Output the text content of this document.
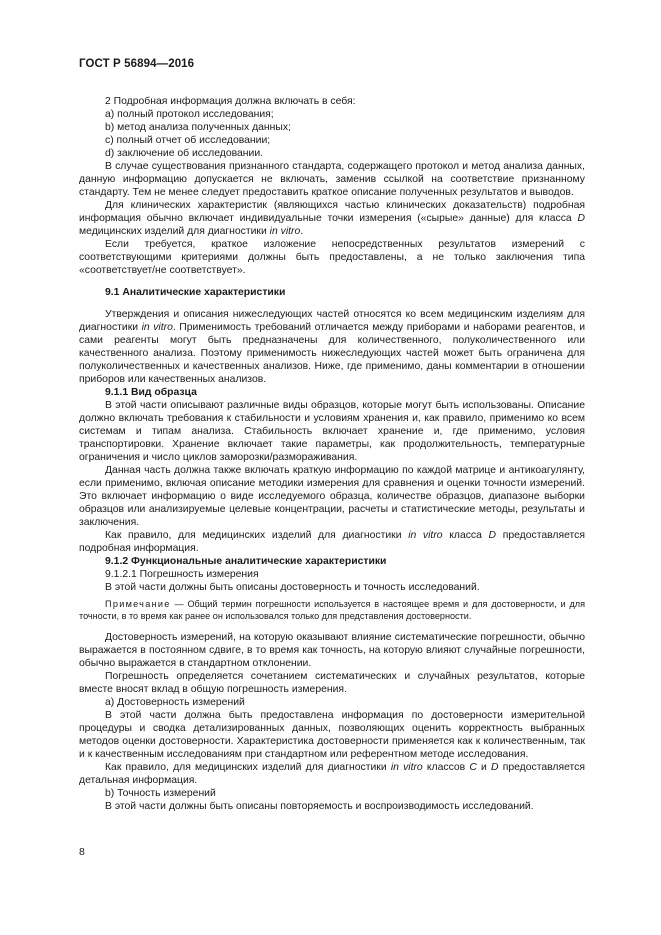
ГОСТ Р 56894—2016

2 Подробная информация должна включать в себя:

a) полный протокол исследования;

b) метод анализа полученных данных;

c) полный отчет об исследовании;

d) заключение об исследовании.

В случае существования признанного стандарта, содержащего протокол и метод анализа данных, данную информацию допускается не включать, заменив ссылкой на соответствие признанному стандарту. Тем не менее следует предоставить краткое описание полученных результатов и выводов.

Для клинических характеристик (являющихся частью клинических доказательств) подробная информация обычно включает индивидуальные точки измерения («сырые» данные) для класса D медицинских изделий для диагностики in vitro.

Если требуется, краткое изложение непосредственных результатов измерений с соответствующими критериями должны быть предоставлены, а не только заключения типа «соответствует/не соответствует».

9.1 Аналитические характеристики

Утверждения и описания нижеследующих частей относятся ко всем медицинским изделиям для диагностики in vitro. Применимость требований отличается между приборами и наборами реагентов, и сами реагенты могут быть предназначены для количественного, полуколичественного или качественного анализа. Поэтому применимость нижеследующих частей может быть ограничена для полуколичественных и качественных анализов. Ниже, где применимо, даны комментарии в отношении приборов или качественных анализов.

9.1.1 Вид образца

В этой части описывают различные виды образцов, которые могут быть использованы. Описание должно включать требования к стабильности и условиям хранения и, как правило, применимо ко всем системам и типам анализа. Стабильность включает хранение и, где применимо, условия транспортировки. Хранение включает такие параметры, как продолжительность, температурные ограничения и число циклов заморозки/размораживания.

Данная часть должна также включать краткую информацию по каждой матрице и антикоагулянту, если применимо, включая описание методики измерения для сравнения и оценки точности измерений. Это включает информацию о виде исследуемого образца, количестве образцов, диапазоне выборки образцов или анализируемые целевые концентрации, расчеты и статистические методы, результаты и заключения.

Как правило, для медицинских изделий для диагностики in vitro класса D предоставляется подробная информация.

9.1.2 Функциональные аналитические характеристики

9.1.2.1 Погрешность измерения

В этой части должны быть описаны достоверность и точность исследований.

Примечание — Общий термин погрешности используется в настоящее время и для достоверности, и для точности, в то время как ранее он использовался только для представления достоверности.

Достоверность измерений, на которую оказывают влияние систематические погрешности, обычно выражается в постоянном сдвиге, в то время как точность, на которую влияют случайные погрешности, обычно выражается в стандартном отклонении.

Погрешность определяется сочетанием систематических и случайных результатов, которые вместе вносят вклад в общую погрешность измерения.

a) Достоверность измерений

В этой части должна быть предоставлена информация по достоверности измерительной процедуры и сводка детализированных данных, позволяющих оценить корректность выбранных методов оценки достоверности. Характеристика достоверности применяется как к количественным, так и к качественным исследованиям при стандартном или референтном методе исследования.

Как правило, для медицинских изделий для диагностики in vitro классов C и D предоставляется детальная информация.

b) Точность измерений

В этой части должны быть описаны повторяемость и воспроизводимость исследований.

8
